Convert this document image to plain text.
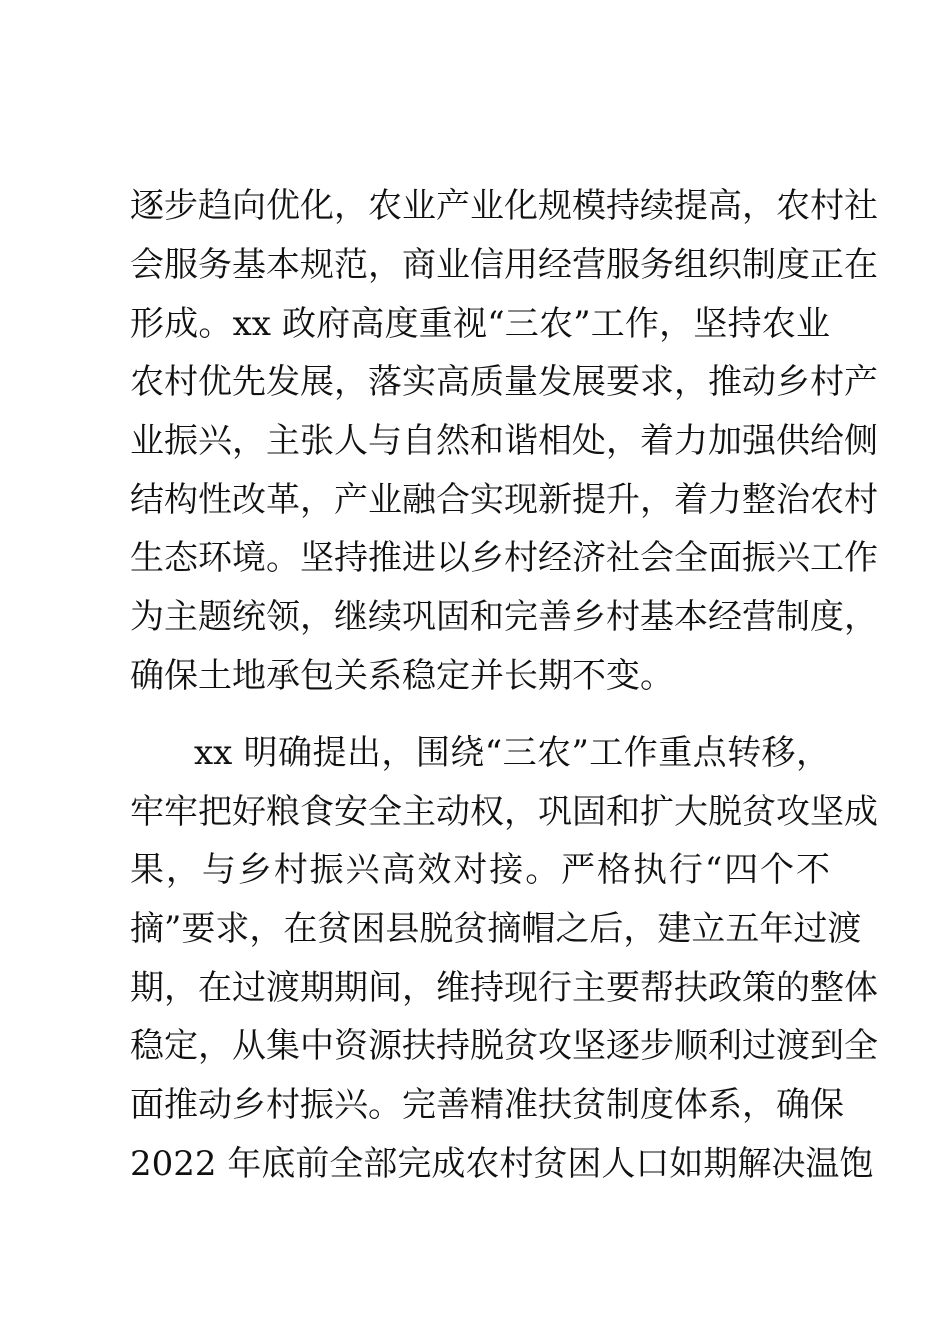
逐步趋向优化，农业产业化规模持续提高，农村社
会服务基本规范，商业信用经营服务组织制度正在
形成。xx 政府高度重视“三农”工作，坚持农业
农村优先发展，落实高质量发展要求，推动乡村产
业振兴，主张人与自然和谐相处，着力加强供给侧
结构性改革，产业融合实现新提升，着力整治农村
生态环境。坚持推进以乡村经济社会全面振兴工作
为主题统领，继续巩固和完善乡村基本经营制度，
确保土地承包关系稳定并长期不变。
xx 明确提出，围绕“三农”工作重点转移，
牢牢把好粮食安全主动权，巩固和扩大脱贫攻坚成
果，与乡村振兴高效对接。严格执行“四个不
摘”要求，在贫困县脱贫摘帽之后，建立五年过渡
期，在过渡期期间，维持现行主要帮扶政策的整体
稳定，从集中资源扶持脱贫攻坚逐步顺利过渡到全
面推动乡村振兴。完善精准扶贫制度体系，确保
2022 年底前全部完成农村贫困人口如期解决温饱
